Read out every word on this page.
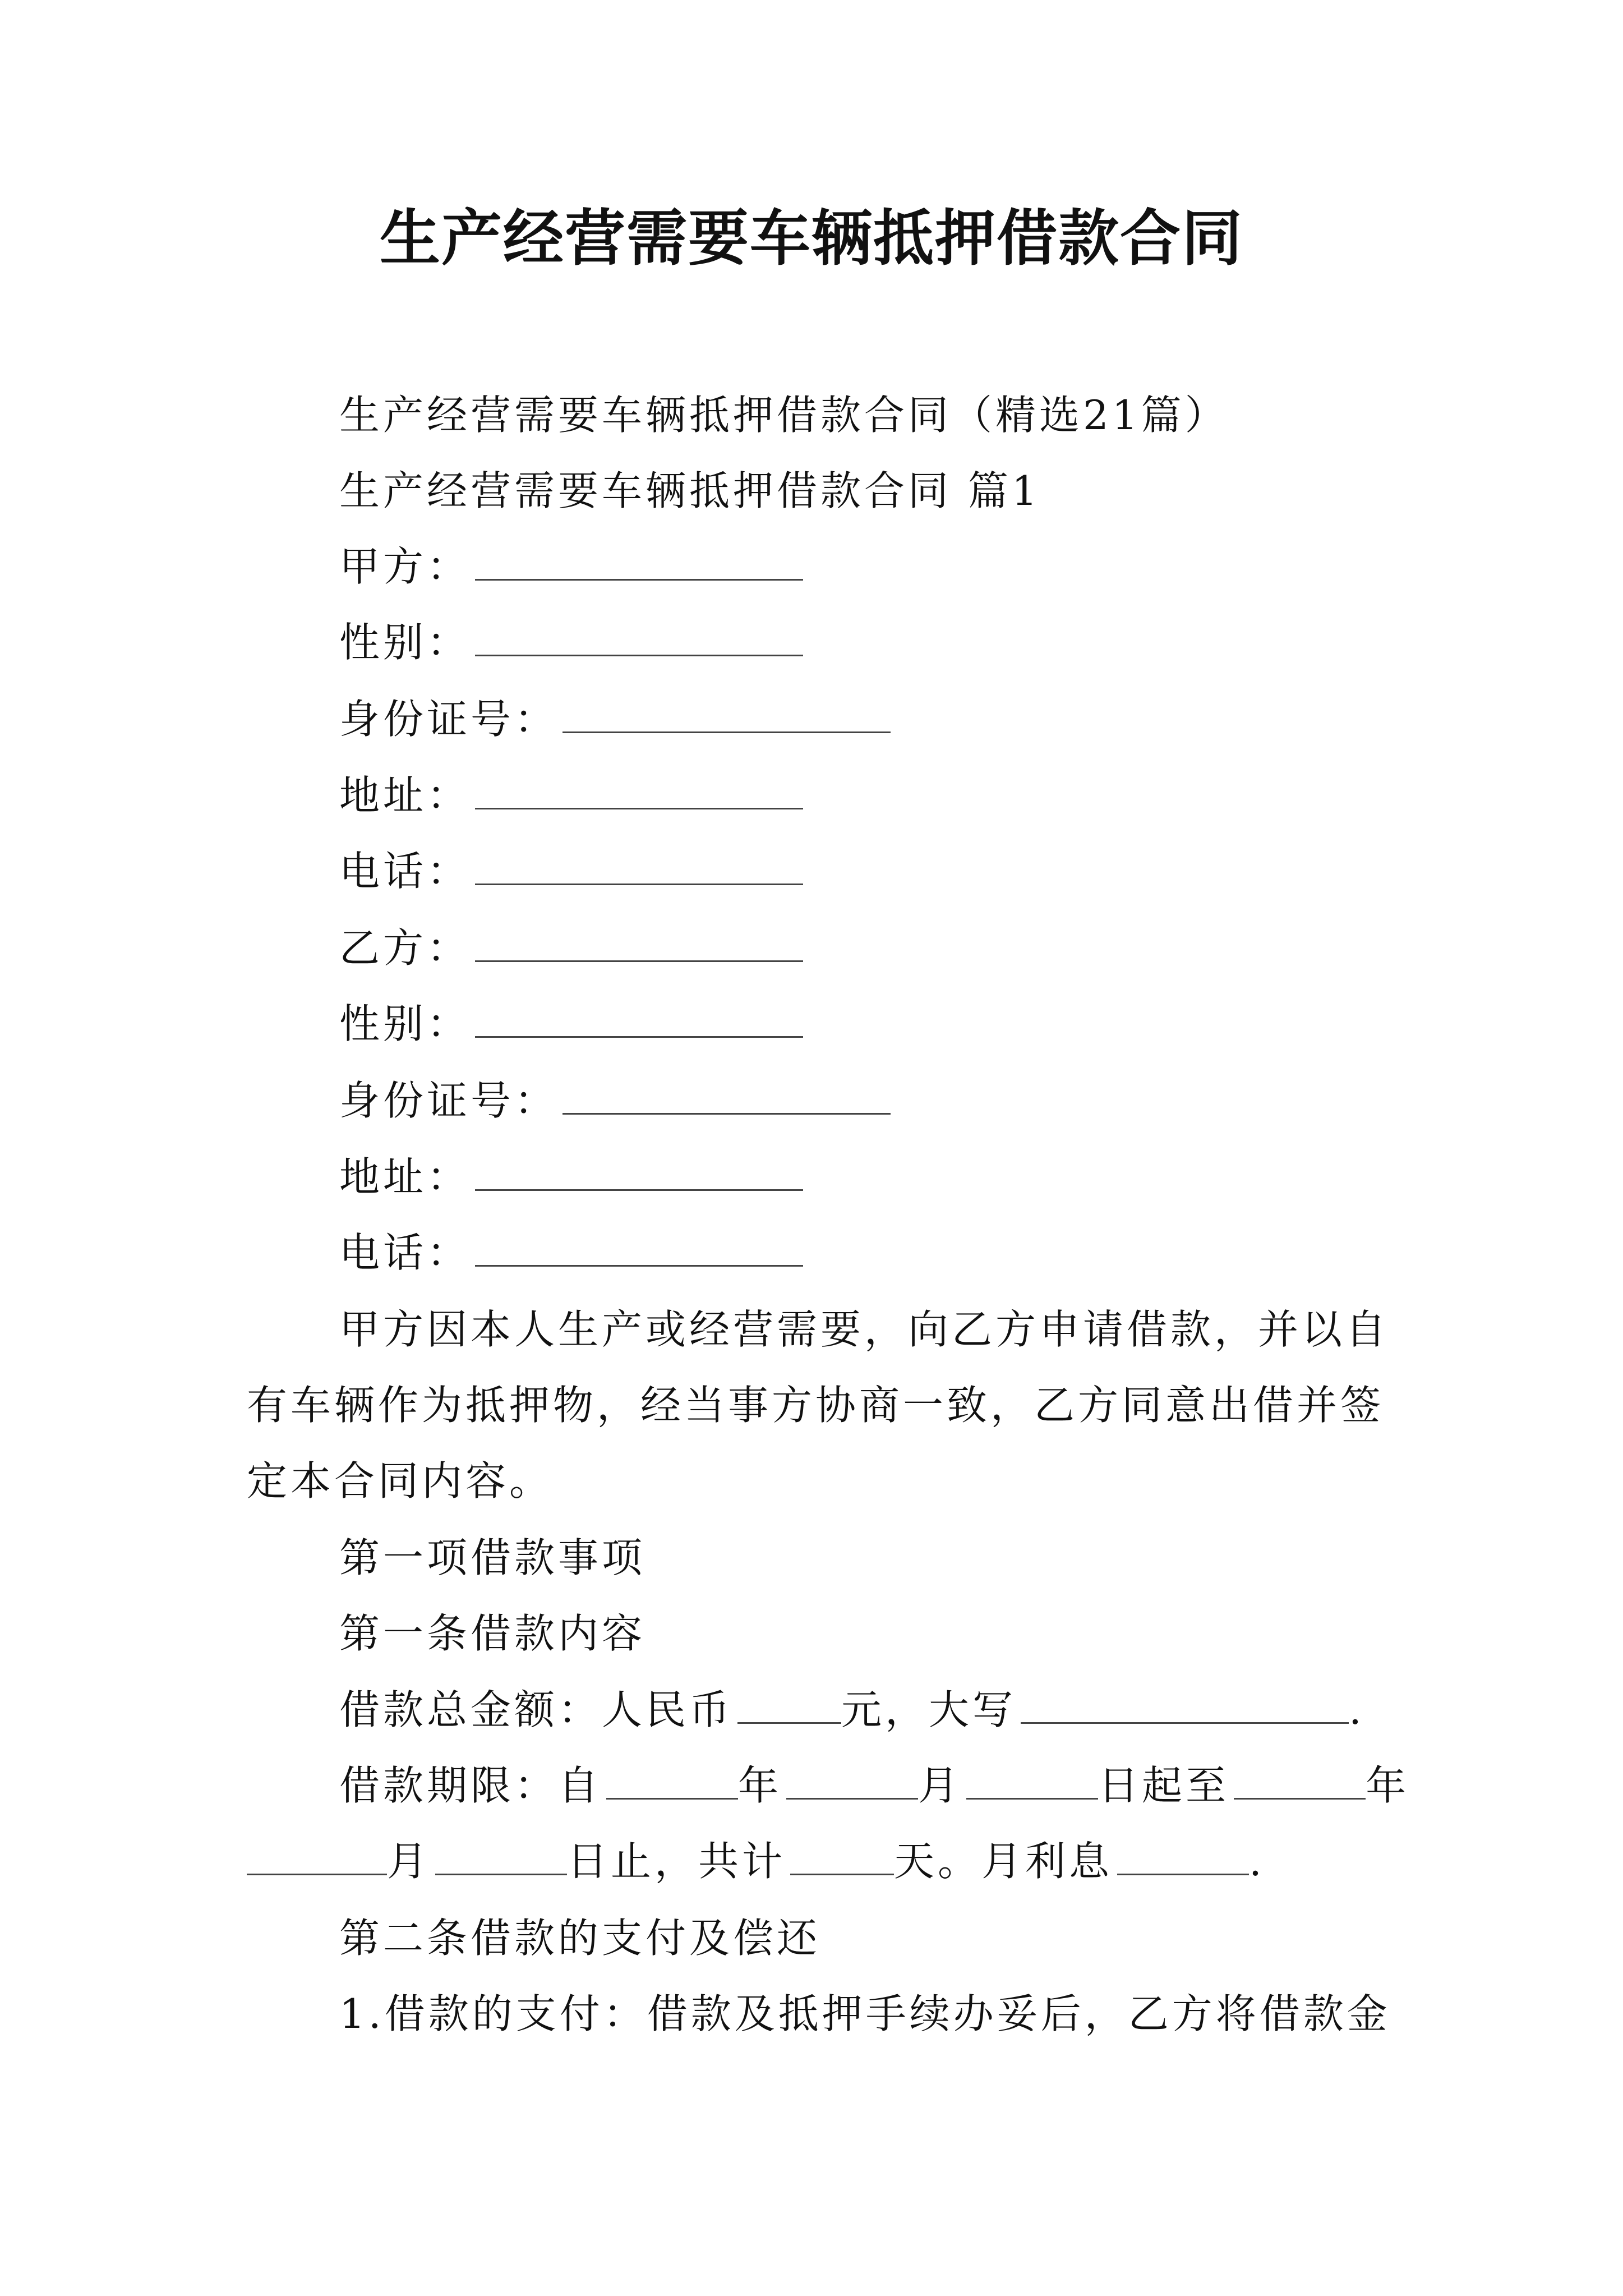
生产经营需要车辆抵押借款合同
生产经营需要车辆抵押借款合同（精选21篇）
生产经营需要车辆抵押借款合同 篇1
甲方：
性别：
身份证号：
地址：
电话：
乙方：
性别：
身份证号：
地址：
电话：
甲方因本人生产或经营需要，向乙方申请借款，并以自
有车辆作为抵押物，经当事方协商一致，乙方同意出借并签
定本合同内容。
第一项借款事项
第一条借款内容
借款总金额：人民币	元，大写	.
借款期限：自	年	月	日起至	年
月	日止，共计	天。月利息	.
第二条借款的支付及偿还
1.借款的支付：借款及抵押手续办妥后，乙方将借款金
